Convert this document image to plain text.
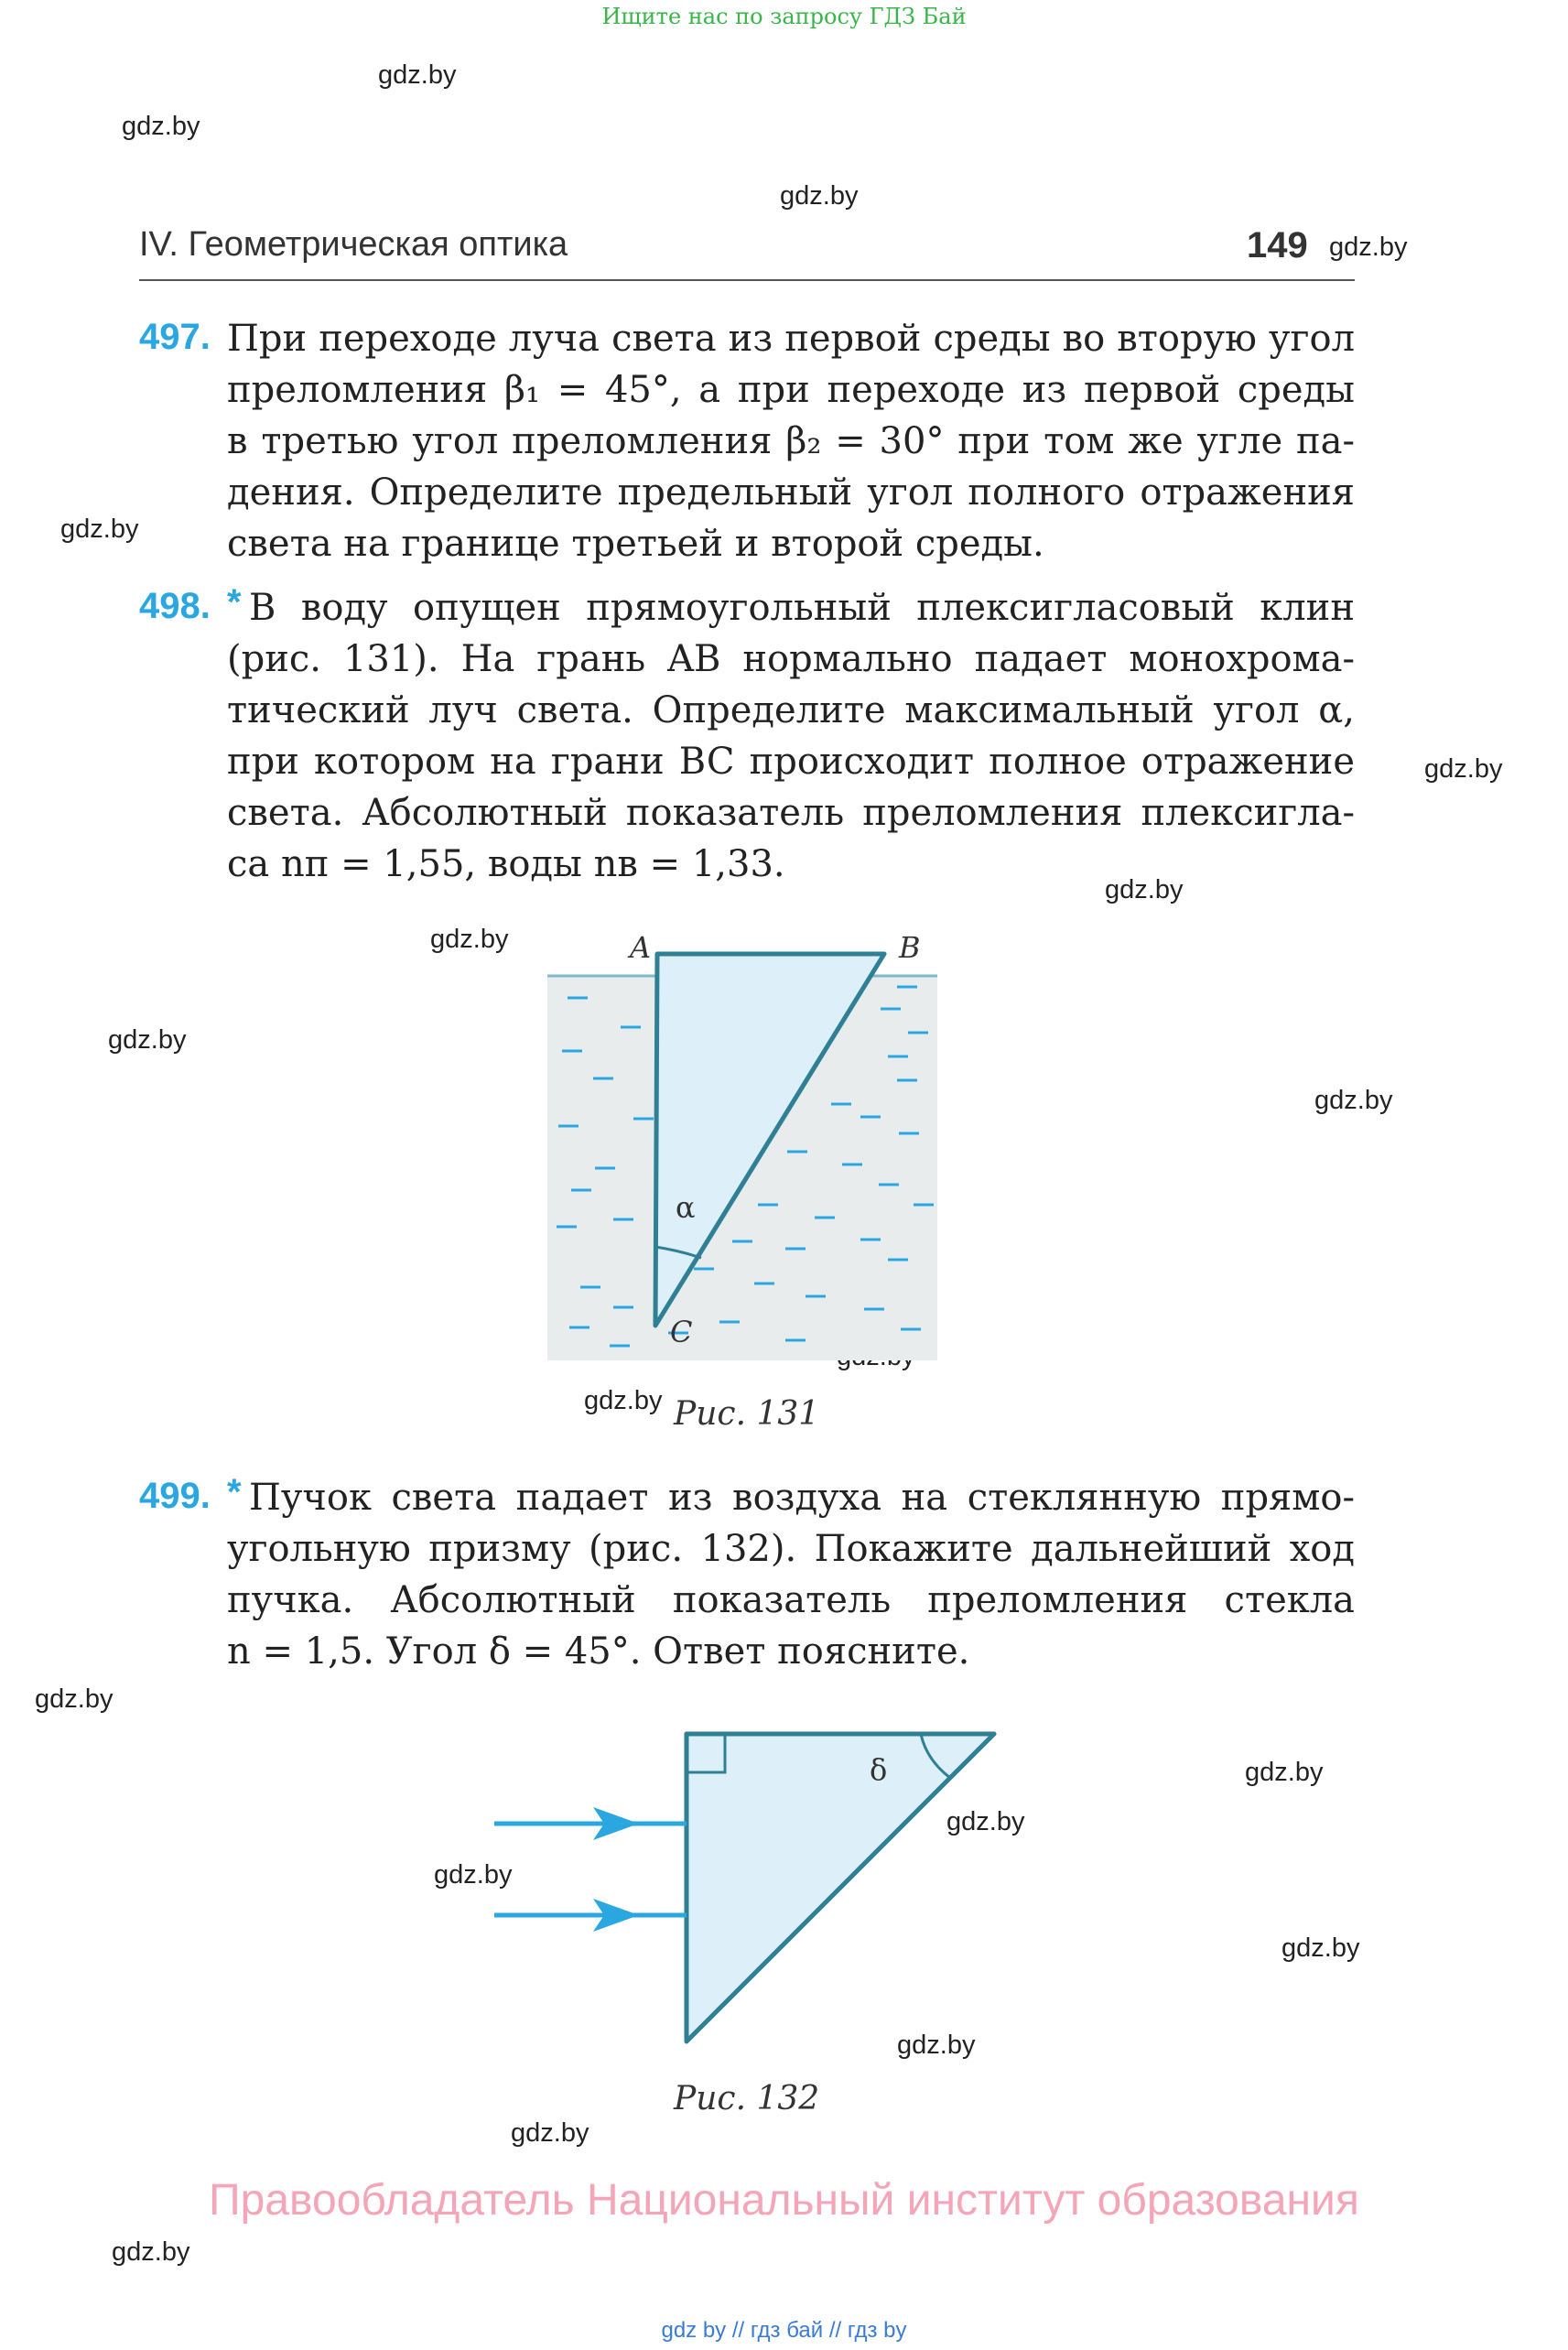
Ищите нас по запросу ГДЗ Бай
gdz.by
gdz.by
gdz.by
gdz.by
gdz.by
gdz.by
gdz.by
gdz.by
gdz.by
gdz.by
gdz.by
gdz.by
gdz.by
gdz.by
gdz.by
gdz.by
gdz.by
gdz.by
gdz.by
IV. Геометрическая оптика	149
497. При переходе луча света из первой среды во вторую угол
преломления β₁ = 45°, а при переходе из первой среды
в третью угол преломления β₂ = 30° при том же угле па-
дения. Определите предельный угол полного отражения
света на границе третьей и второй среды.
498. * В воду опущен прямоугольный плексигласовый клин
(рис. 131). На грань AB нормально падает монохрома-
тический луч света. Определите максимальный угол α,
при котором на грани BC происходит полное отражение
света. Абсолютный показатель преломления плексигла-
са nп = 1,55, воды nв = 1,33.
A	B
C
α
Рис. 131
499. * Пучок света падает из воздуха на стеклянную прямо-
угольную призму (рис. 132). Покажите дальнейший ход
пучка. Абсолютный показатель преломления стекла
n = 1,5. Угол δ = 45°. Ответ поясните.
δ
Рис. 132
Правообладатель Национальный институт образования
gdz by // гдз бай // гдз by
